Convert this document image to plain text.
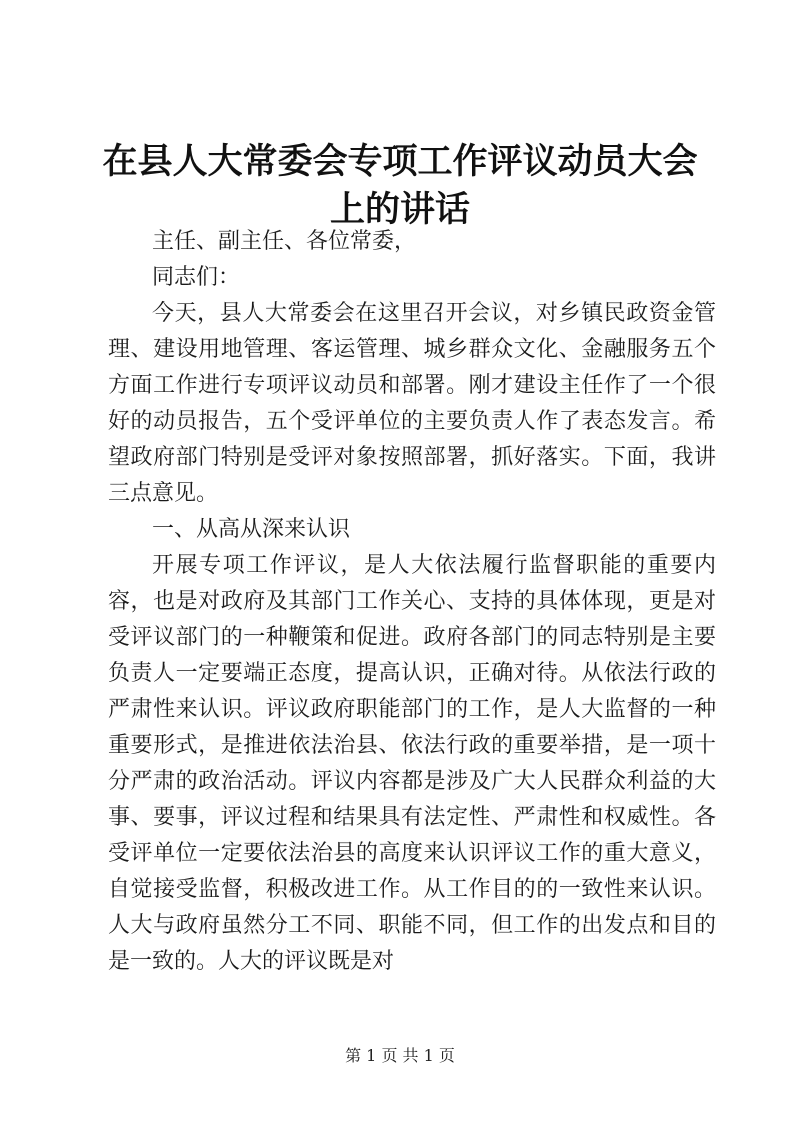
在县人大常委会专项工作评议动员大会上的讲话

主任、副主任、各位常委，

同志们：

今天，县人大常委会在这里召开会议，对乡镇民政资金管理、建设用地管理、客运管理、城乡群众文化、金融服务五个方面工作进行专项评议动员和部署。刚才建设主任作了一个很好的动员报告，五个受评单位的主要负责人作了表态发言。希望政府部门特别是受评对象按照部署，抓好落实。下面，我讲三点意见。

一、从高从深来认识

开展专项工作评议，是人大依法履行监督职能的重要内容，也是对政府及其部门工作关心、支持的具体体现，更是对受评议部门的一种鞭策和促进。政府各部门的同志特别是主要负责人一定要端正态度，提高认识，正确对待。从依法行政的严肃性来认识。评议政府职能部门的工作，是人大监督的一种重要形式，是推进依法治县、依法行政的重要举措，是一项十分严肃的政治活动。评议内容都是涉及广大人民群众利益的大事、要事，评议过程和结果具有法定性、严肃性和权威性。各受评单位一定要依法治县的高度来认识评议工作的重大意义，自觉接受监督，积极改进工作。从工作目的的一致性来认识。人大与政府虽然分工不同、职能不同，但工作的出发点和目的是一致的。人大的评议既是对

第 1 页 共 1 页
